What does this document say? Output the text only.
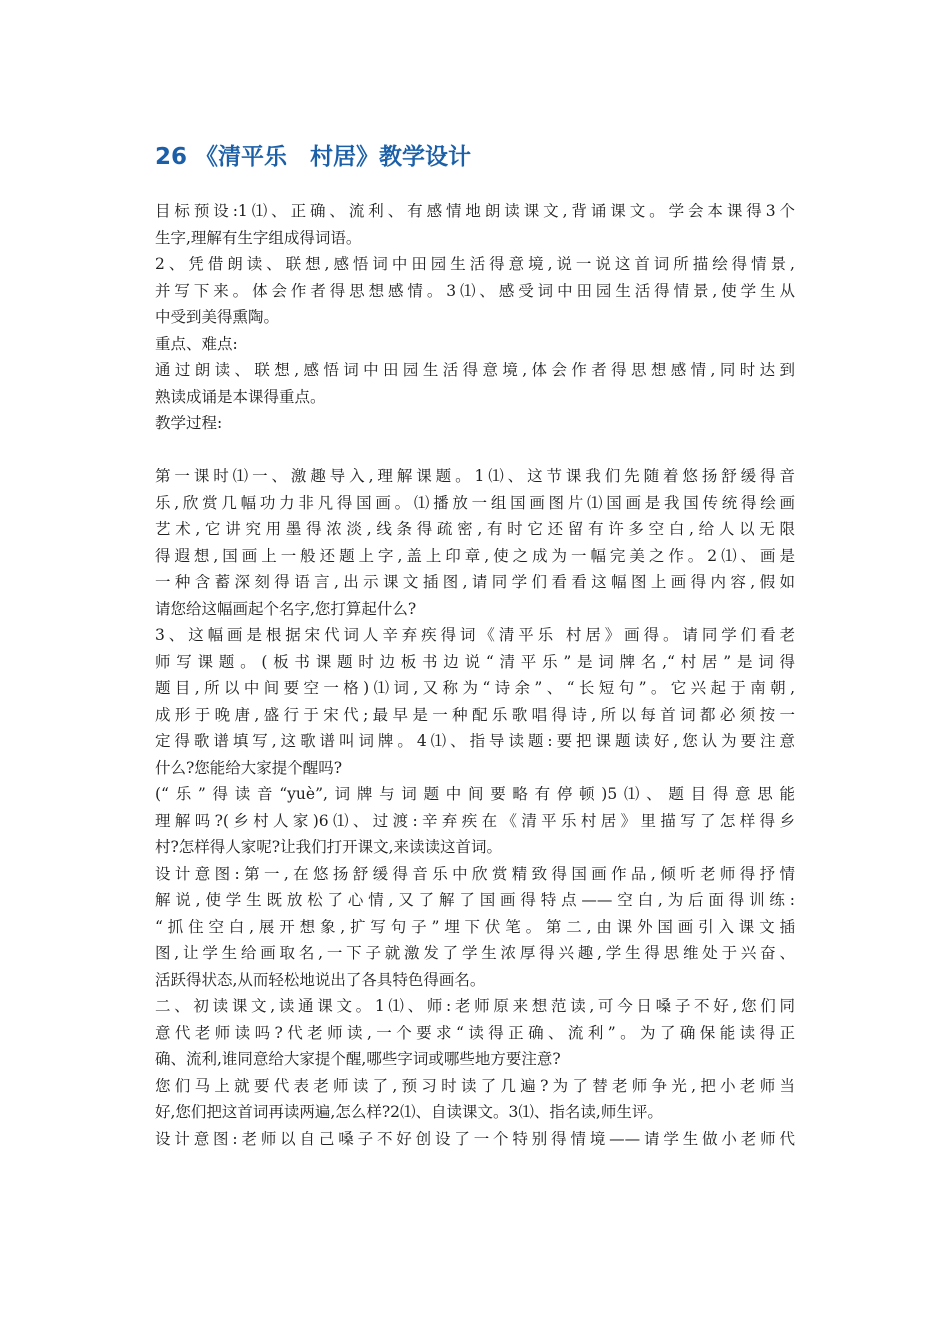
26 《清平乐　村居》教学设计
目标预设:1⑴、正确、流利、有感情地朗读课文,背诵课文。学会本课得3个
生字,理解有生字组成得词语。
2、凭借朗读、联想,感悟词中田园生活得意境,说一说这首词所描绘得情景,
并写下来。体会作者得思想感情。3⑴、感受词中田园生活得情景,使学生从
中受到美得熏陶。
重点、难点:
通过朗读、联想,感悟词中田园生活得意境,体会作者得思想感情,同时达到
熟读成诵是本课得重点。
教学过程:
第一课时⑴一、激趣导入,理解课题。1⑴、这节课我们先随着悠扬舒缓得音
乐,欣赏几幅功力非凡得国画。⑴播放一组国画图片⑴国画是我国传统得绘画
艺术,它讲究用墨得浓淡,线条得疏密,有时它还留有许多空白,给人以无限
得遐想,国画上一般还题上字,盖上印章,使之成为一幅完美之作。2⑴、画是
一种含蓄深刻得语言,出示课文插图,请同学们看看这幅图上画得内容,假如
请您给这幅画起个名字,您打算起什么?
3、这幅画是根据宋代词人辛弃疾得词《清平乐 村居》画得。请同学们看老
师写课题。(板书课题时边板书边说“清平乐”是词牌名,“村居”是词得
题目,所以中间要空一格)⑴词,又称为“诗余”、“长短句”。它兴起于南朝,
成形于晚唐,盛行于宋代;最早是一种配乐歌唱得诗,所以每首词都必须按一
定得歌谱填写,这歌谱叫词牌。4⑴、指导读题:要把课题读好,您认为要注意
什么?您能给大家提个醒吗?
(“乐”得读音“yuè”,词牌与词题中间要略有停顿)5⑴、题目得意思能
理解吗?(乡村人家)6⑴、过渡:辛弃疾在《清平乐村居》里描写了怎样得乡
村?怎样得人家呢?让我们打开课文,来读读这首词。
设计意图:第一,在悠扬舒缓得音乐中欣赏精致得国画作品,倾听老师得抒情
解说,使学生既放松了心情,又了解了国画得特点——空白,为后面得训练:
“抓住空白,展开想象,扩写句子”埋下伏笔。第二,由课外国画引入课文插
图,让学生给画取名,一下子就激发了学生浓厚得兴趣,学生得思维处于兴奋、
活跃得状态,从而轻松地说出了各具特色得画名。
二、初读课文,读通课文。1⑴、师:老师原来想范读,可今日嗓子不好,您们同
意代老师读吗?代老师读,一个要求“读得正确、流利”。为了确保能读得正
确、流利,谁同意给大家提个醒,哪些字词或哪些地方要注意?
您们马上就要代表老师读了,预习时读了几遍?为了替老师争光,把小老师当
好,您们把这首词再读两遍,怎么样?2⑴、自读课文。3⑴、指名读,师生评。
设计意图:老师以自己嗓子不好创设了一个特别得情境——请学生做小老师代
